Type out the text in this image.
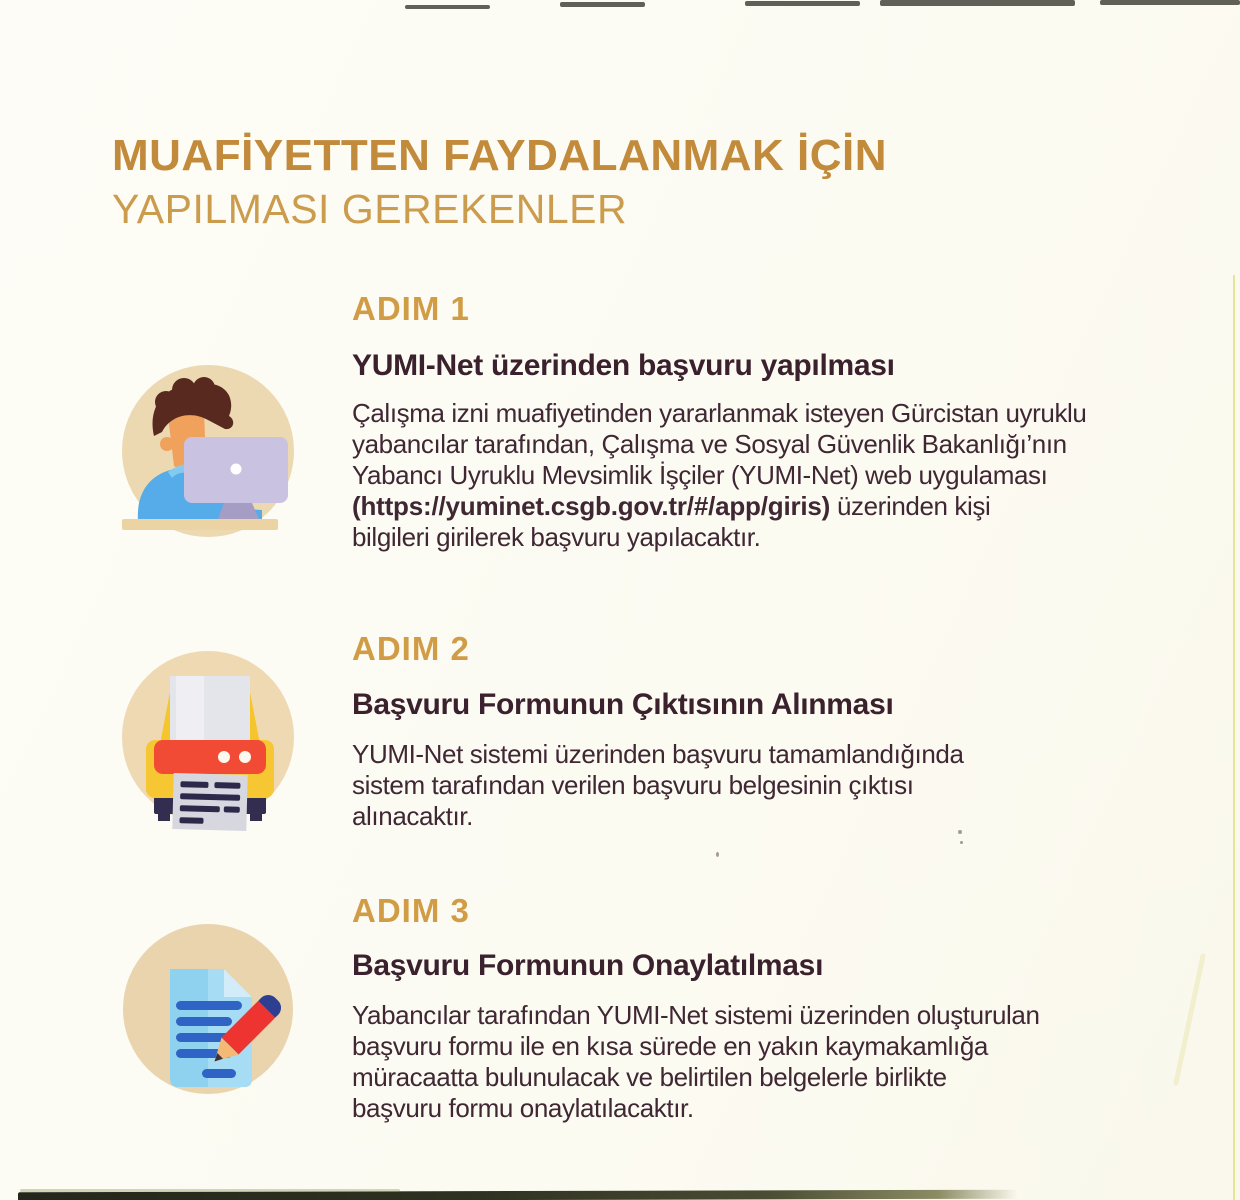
MUAFİYETTEN FAYDALANMAK İÇİN
YAPILMASI GEREKENLER
ADIM 1
YUMI-Net üzerinden başvuru yapılması
Çalışma izni muafiyetinden yararlanmak isteyen Gürcistan uyruklu
yabancılar tarafından, Çalışma ve Sosyal Güvenlik Bakanlığı’nın
Yabancı Uyruklu Mevsimlik İşçiler (YUMI-Net) web uygulaması
(https://yuminet.csgb.gov.tr/#/app/giris) üzerinden kişi
bilgileri girilerek başvuru yapılacaktır.
ADIM 2
Başvuru Formunun Çıktısının Alınması
YUMI-Net sistemi üzerinden başvuru tamamlandığında
sistem tarafından verilen başvuru belgesinin çıktısı
alınacaktır.
ADIM 3
Başvuru Formunun Onaylatılması
Yabancılar tarafından YUMI-Net sistemi üzerinden oluşturulan
başvuru formu ile en kısa sürede en yakın kaymakamlığa
müracaatta bulunulacak ve belirtilen belgelerle birlikte
başvuru formu onaylatılacaktır.
